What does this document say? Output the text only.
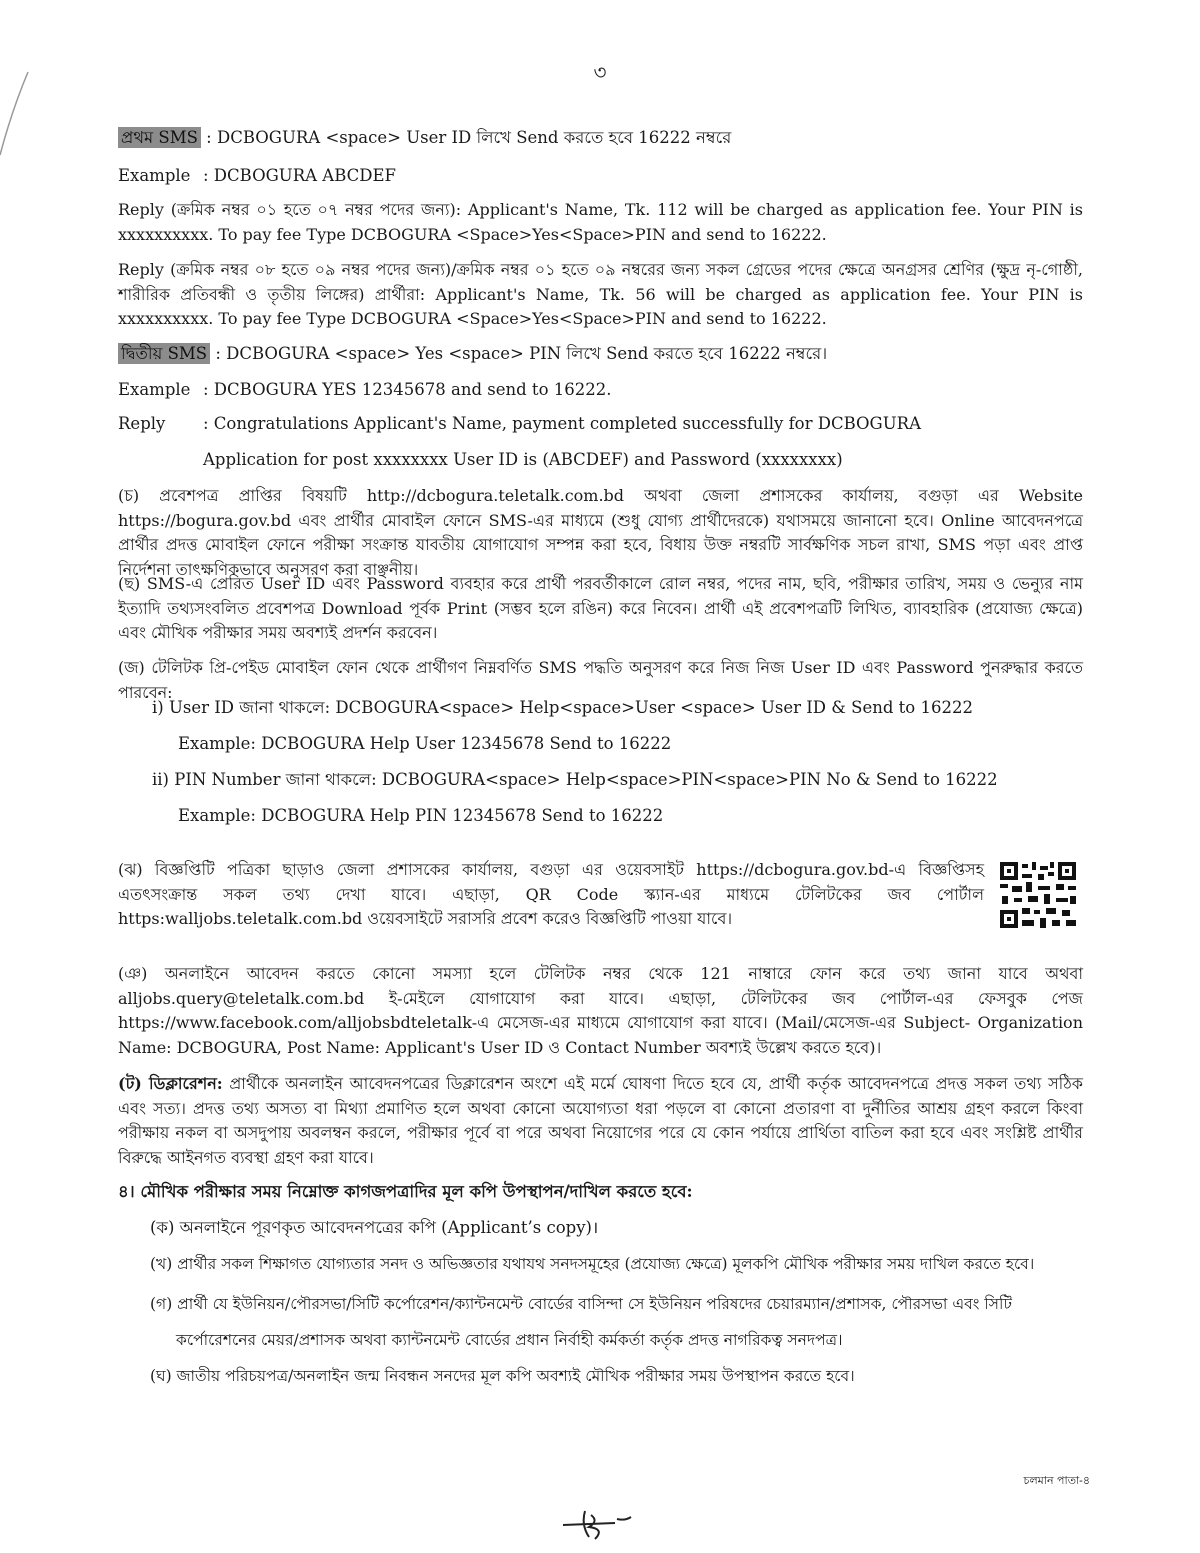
৩
প্রথম SMS : DCBOGURA <space> User ID লিখে Send করতে হবে 16222 নম্বরে
Example : DCBOGURA ABCDEF
Reply (ক্রমিক নম্বর ০১ হতে ০৭ নম্বর পদের জন্য): Applicant's Name, Tk. 112 will be charged as application fee. Your PIN is xxxxxxxxxx. To pay fee Type DCBOGURA <Space>Yes<Space>PIN and send to 16222.
Reply (ক্রমিক নম্বর ০৮ হতে ০৯ নম্বর পদের জন্য)/ক্রমিক নম্বর ০১ হতে ০৯ নম্বরের জন্য সকল গ্রেডের পদের ক্ষেত্রে অনগ্রসর শ্রেণির (ক্ষুদ্র নৃ-গোষ্ঠী, শারীরিক প্রতিবন্ধী ও তৃতীয় লিঙ্গের) প্রার্থীরা: Applicant's Name, Tk. 56 will be charged as application fee. Your PIN is xxxxxxxxxx. To pay fee Type DCBOGURA <Space>Yes<Space>PIN and send to 16222.
দ্বিতীয় SMS : DCBOGURA <space> Yes <space> PIN লিখে Send করতে হবে 16222 নম্বরে।
Example : DCBOGURA YES 12345678 and send to 16222.
Reply : Congratulations Applicant's Name, payment completed successfully for DCBOGURA
Application for post xxxxxxxx User ID is (ABCDEF) and Password (xxxxxxxx)
(চ) প্রবেশপত্র প্রাপ্তির বিষয়টি http://dcbogura.teletalk.com.bd অথবা জেলা প্রশাসকের কার্যালয়, বগুড়া এর Website https://bogura.gov.bd এবং প্রার্থীর মোবাইল ফোনে SMS-এর মাধ্যমে (শুধু যোগ্য প্রার্থীদেরকে) যথাসময়ে জানানো হবে। Online আবেদনপত্রে প্রার্থীর প্রদত্ত মোবাইল ফোনে পরীক্ষা সংক্রান্ত যাবতীয় যোগাযোগ সম্পন্ন করা হবে, বিধায় উক্ত নম্বরটি সার্বক্ষণিক সচল রাখা, SMS পড়া এবং প্রাপ্ত নির্দেশনা তাৎক্ষণিকভাবে অনুসরণ করা বাঞ্ছনীয়।
(ছ) SMS-এ প্রেরিত User ID এবং Password ব্যবহার করে প্রার্থী পরবর্তীকালে রোল নম্বর, পদের নাম, ছবি, পরীক্ষার তারিখ, সময় ও ভেন্যুর নাম ইত্যাদি তথ্যসংবলিত প্রবেশপত্র Download পূর্বক Print (সম্ভব হলে রঙিন) করে নিবেন। প্রার্থী এই প্রবেশপত্রটি লিখিত, ব্যাবহারিক (প্রযোজ্য ক্ষেত্রে) এবং মৌখিক পরীক্ষার সময় অবশ্যই প্রদর্শন করবেন।
(জ) টেলিটক প্রি-পেইড মোবাইল ফোন থেকে প্রার্থীগণ নিম্নবর্ণিত SMS পদ্ধতি অনুসরণ করে নিজ নিজ User ID এবং Password পুনরুদ্ধার করতে পারবেন:
i) User ID জানা থাকলে: DCBOGURA<space> Help<space>User <space> User ID & Send to 16222
Example: DCBOGURA Help User 12345678 Send to 16222
ii) PIN Number জানা থাকলে: DCBOGURA<space> Help<space>PIN<space>PIN No & Send to 16222
Example: DCBOGURA Help PIN 12345678 Send to 16222
(ঝ) বিজ্ঞপ্তিটি পত্রিকা ছাড়াও জেলা প্রশাসকের কার্যালয়, বগুড়া এর ওয়েবসাইট https://dcbogura.gov.bd-এ বিজ্ঞপ্তিসহ এতৎসংক্রান্ত সকল তথ্য দেখা যাবে। এছাড়া, QR Code স্ক্যান-এর মাধ্যমে টেলিটকের জব পোর্টাল https:walljobs.teletalk.com.bd ওয়েবসাইটে সরাসরি প্রবেশ করেও বিজ্ঞপ্তিটি পাওয়া যাবে।
(ঞ) অনলাইনে আবেদন করতে কোনো সমস্যা হলে টেলিটক নম্বর থেকে 121 নাম্বারে ফোন করে তথ্য জানা যাবে অথবা alljobs.query@teletalk.com.bd ই-মেইলে যোগাযোগ করা যাবে। এছাড়া, টেলিটকের জব পোর্টাল-এর ফেসবুক পেজ https://www.facebook.com/alljobsbdteletalk-এ মেসেজ-এর মাধ্যমে যোগাযোগ করা যাবে। (Mail/মেসেজ-এর Subject- Organization Name: DCBOGURA, Post Name: Applicant's User ID ও Contact Number অবশ্যই উল্লেখ করতে হবে)।
(ট) ডিক্লারেশন: প্রার্থীকে অনলাইন আবেদনপত্রের ডিক্লারেশন অংশে এই মর্মে ঘোষণা দিতে হবে যে, প্রার্থী কর্তৃক আবেদনপত্রে প্রদত্ত সকল তথ্য সঠিক এবং সত্য। প্রদত্ত তথ্য অসত্য বা মিথ্যা প্রমাণিত হলে অথবা কোনো অযোগ্যতা ধরা পড়লে বা কোনো প্রতারণা বা দুর্নীতির আশ্রয় গ্রহণ করলে কিংবা পরীক্ষায় নকল বা অসদুপায় অবলম্বন করলে, পরীক্ষার পূর্বে বা পরে অথবা নিয়োগের পরে যে কোন পর্যায়ে প্রার্থিতা বাতিল করা হবে এবং সংশ্লিষ্ট প্রার্থীর বিরুদ্ধে আইনগত ব্যবস্থা গ্রহণ করা যাবে।
৪। মৌখিক পরীক্ষার সময় নিম্নোক্ত কাগজপত্রাদির মূল কপি উপস্থাপন/দাখিল করতে হবে:
(ক) অনলাইনে পূরণকৃত আবেদনপত্রের কপি (Applicant’s copy)।
(খ) প্রার্থীর সকল শিক্ষাগত যোগ্যতার সনদ ও অভিজ্ঞতার যথাযথ সনদসমূহের (প্রযোজ্য ক্ষেত্রে) মূলকপি মৌখিক পরীক্ষার সময় দাখিল করতে হবে।
(গ) প্রার্থী যে ইউনিয়ন/পৌরসভা/সিটি কর্পোরেশন/ক্যান্টনমেন্ট বোর্ডের বাসিন্দা সে ইউনিয়ন পরিষদের চেয়ারম্যান/প্রশাসক, পৌরসভা এবং সিটি
কর্পোরেশনের মেয়র/প্রশাসক অথবা ক্যান্টনমেন্ট বোর্ডের প্রধান নির্বাহী কর্মকর্তা কর্তৃক প্রদত্ত নাগরিকত্ব সনদপত্র।
(ঘ) জাতীয় পরিচয়পত্র/অনলাইন জন্ম নিবন্ধন সনদের মূল কপি অবশ্যই মৌখিক পরীক্ষার সময় উপস্থাপন করতে হবে।
চলমান পাতা-৪
